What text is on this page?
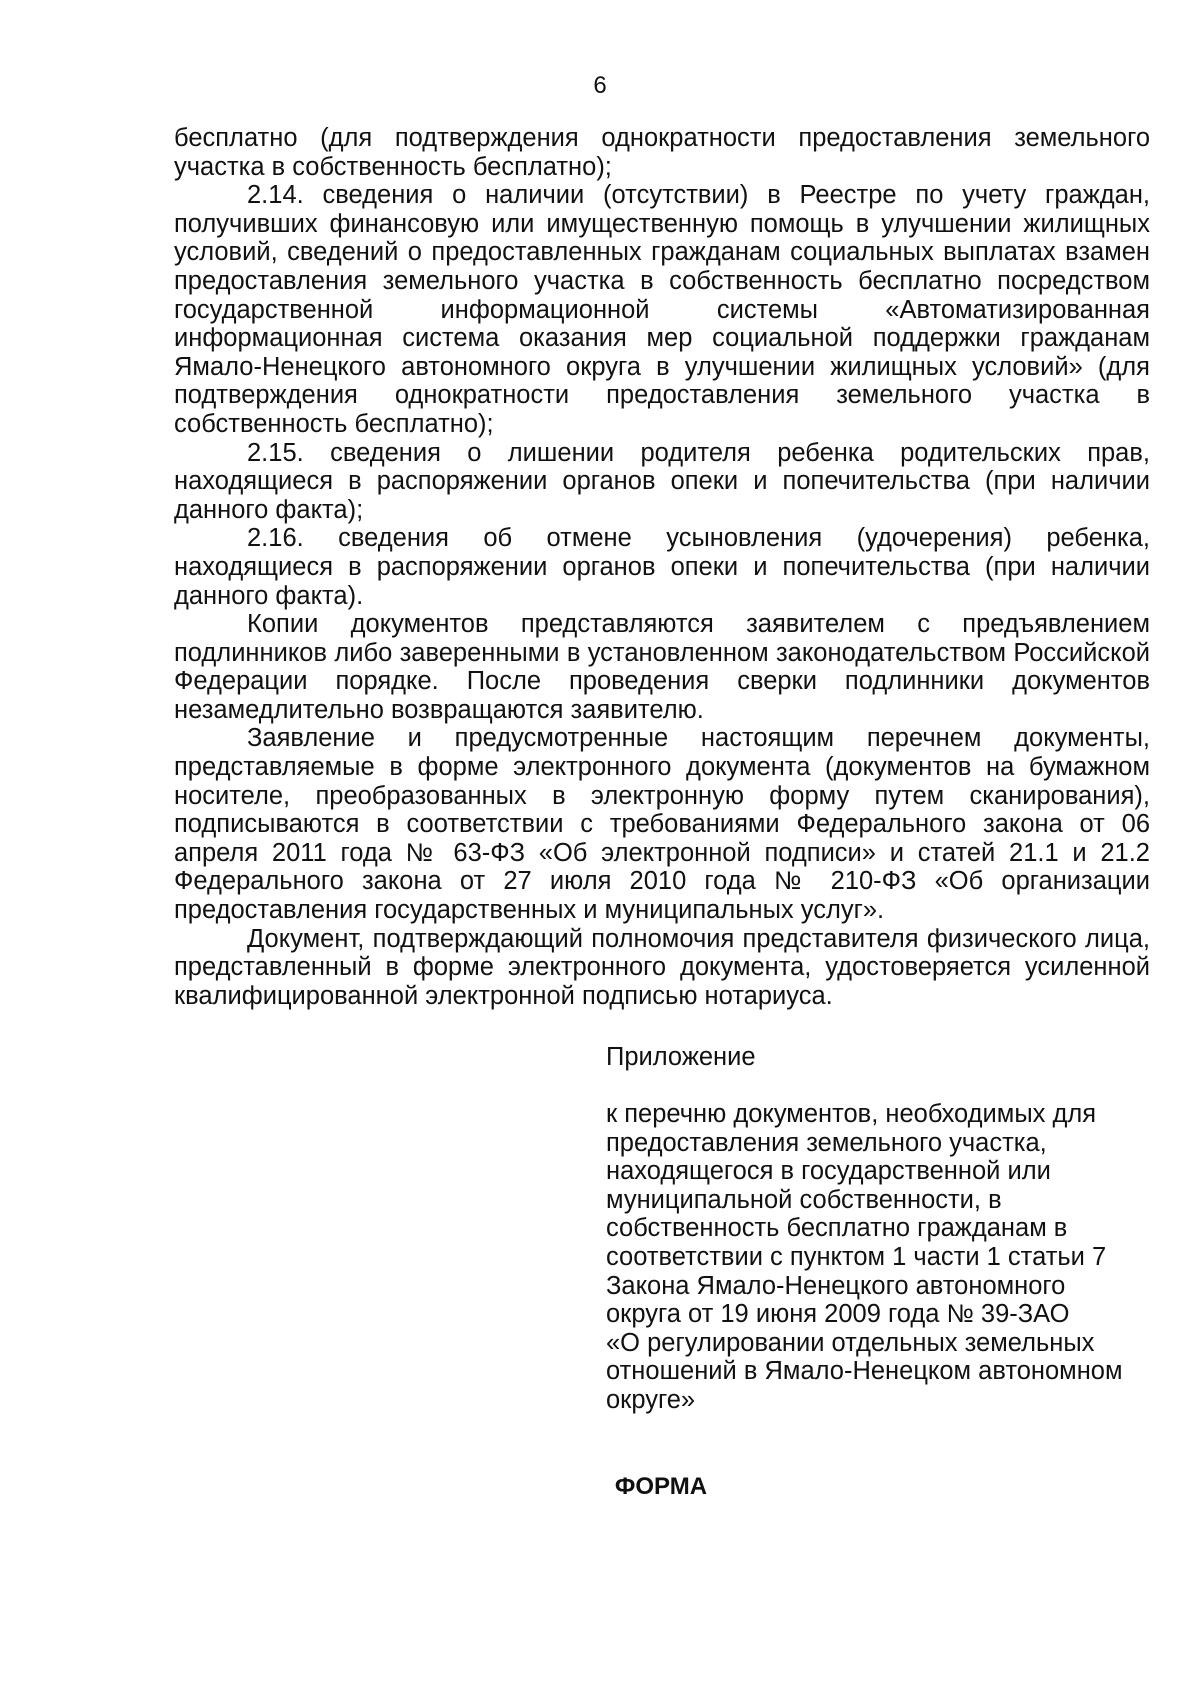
6

бесплатно (для подтверждения однократности предоставления земельного участка в собственность бесплатно);

2.14. сведения о наличии (отсутствии) в Реестре по учету граждан, получивших финансовую или имущественную помощь в улучшении жилищных условий, сведений о предоставленных гражданам социальных выплатах взамен предоставления земельного участка в собственность бесплатно посредством государственной информационной системы «Автоматизированная информационная система оказания мер социальной поддержки гражданам Ямало-Ненецкого автономного округа в улучшении жилищных условий» (для подтверждения однократности предоставления земельного участка в собственность бесплатно);

2.15. сведения о лишении родителя ребенка родительских прав, находящиеся в распоряжении органов опеки и попечительства (при наличии данного факта);

2.16. сведения об отмене усыновления (удочерения) ребенка, находящиеся в распоряжении органов опеки и попечительства (при наличии данного факта).

Копии документов представляются заявителем с предъявлением подлинников либо заверенными в установленном законодательством Российской Федерации порядке. После проведения сверки подлинники документов незамедлительно возвращаются заявителю.

Заявление и предусмотренные настоящим перечнем документы, представляемые в форме электронного документа (документов на бумажном носителе, преобразованных в электронную форму путем сканирования), подписываются в соответствии с требованиями Федерального закона от 06 апреля 2011 года № 63-ФЗ «Об электронной подписи» и статей 21.1 и 21.2 Федерального закона от 27 июля 2010 года № 210-ФЗ «Об организации предоставления государственных и муниципальных услуг».

Документ, подтверждающий полномочия представителя физического лица, представленный в форме электронного документа, удостоверяется усиленной квалифицированной электронной подписью нотариуса.

Приложение
к перечню документов, необходимых для
предоставления земельного участка,
находящегося в государственной или
муниципальной собственности, в
собственность бесплатно гражданам в
соответствии с пунктом 1 части 1 статьи 7
Закона Ямало-Ненецкого автономного
округа от 19 июня 2009 года № 39-ЗАО
«О регулировании отдельных земельных
отношений в Ямало-Ненецком автономном
округе»
ФОРМА
